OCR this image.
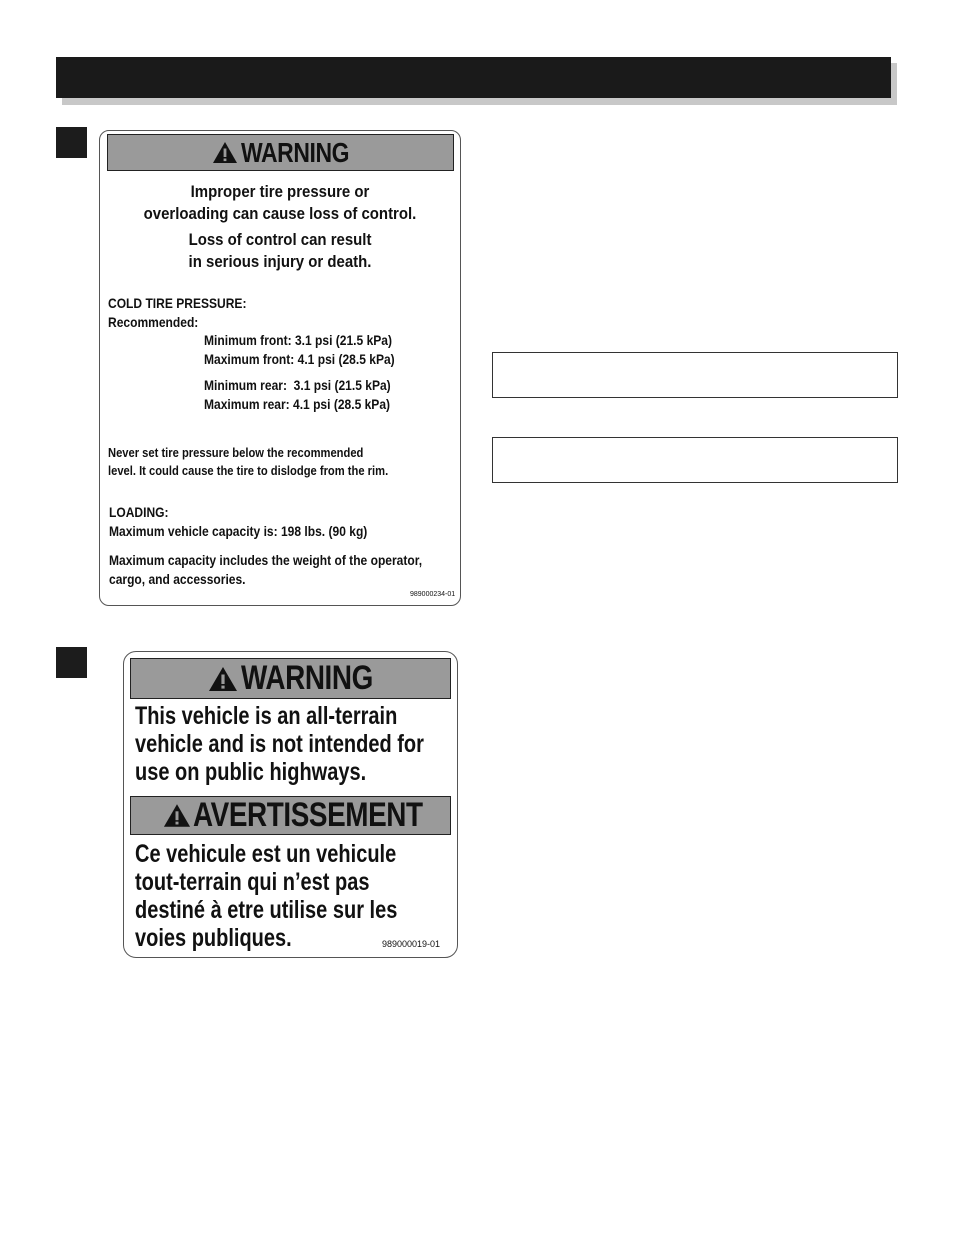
WARNING
Improper tire pressure or
overloading can cause loss of control.
Loss of control can result
in serious injury or death.
COLD TIRE PRESSURE:
Recommended:
Minimum front: 3.1 psi (21.5 kPa)
Maximum front: 4.1 psi (28.5 kPa)
Minimum rear:  3.1 psi (21.5 kPa)
Maximum rear: 4.1 psi (28.5 kPa)
Never set tire pressure below the recommended
level. It could cause the tire to dislodge from the rim.
LOADING:
Maximum vehicle capacity is: 198 lbs. (90 kg)
Maximum capacity includes the weight of the operator,
cargo, and accessories.
989000234-01
WARNING
This vehicle is an all-terrain
vehicle and is not intended for
use on public highways.
AVERTISSEMENT
Ce vehicule est un vehicule
tout-terrain qui n’est pas
destiné à etre utilise sur les
voies publiques.	989000019-01
